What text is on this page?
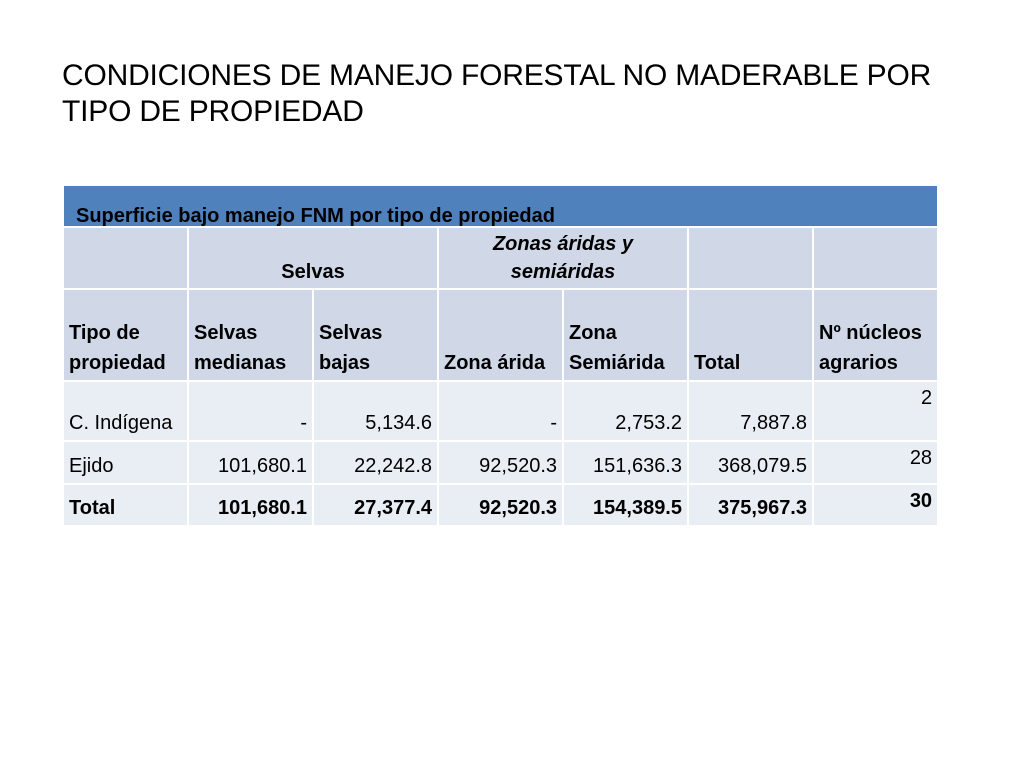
CONDICIONES DE MANEJO FORESTAL NO MADERABLE POR TIPO DE PROPIEDAD
Superficie bajo manejo FNM por tipo de propiedad						
	Selvas		Zonas áridas y semiáridas			
Tipo de propiedad	Selvas medianas	Selvas bajas	Zona árida	Zona Semiárida	Total	Nº núcleos agrarios
C. Indígena	-	5,134.6	-	2,753.2	7,887.8	2
Ejido	101,680.1	22,242.8	92,520.3	151,636.3	368,079.5	28
Total	101,680.1	27,377.4	92,520.3	154,389.5	375,967.3	30
